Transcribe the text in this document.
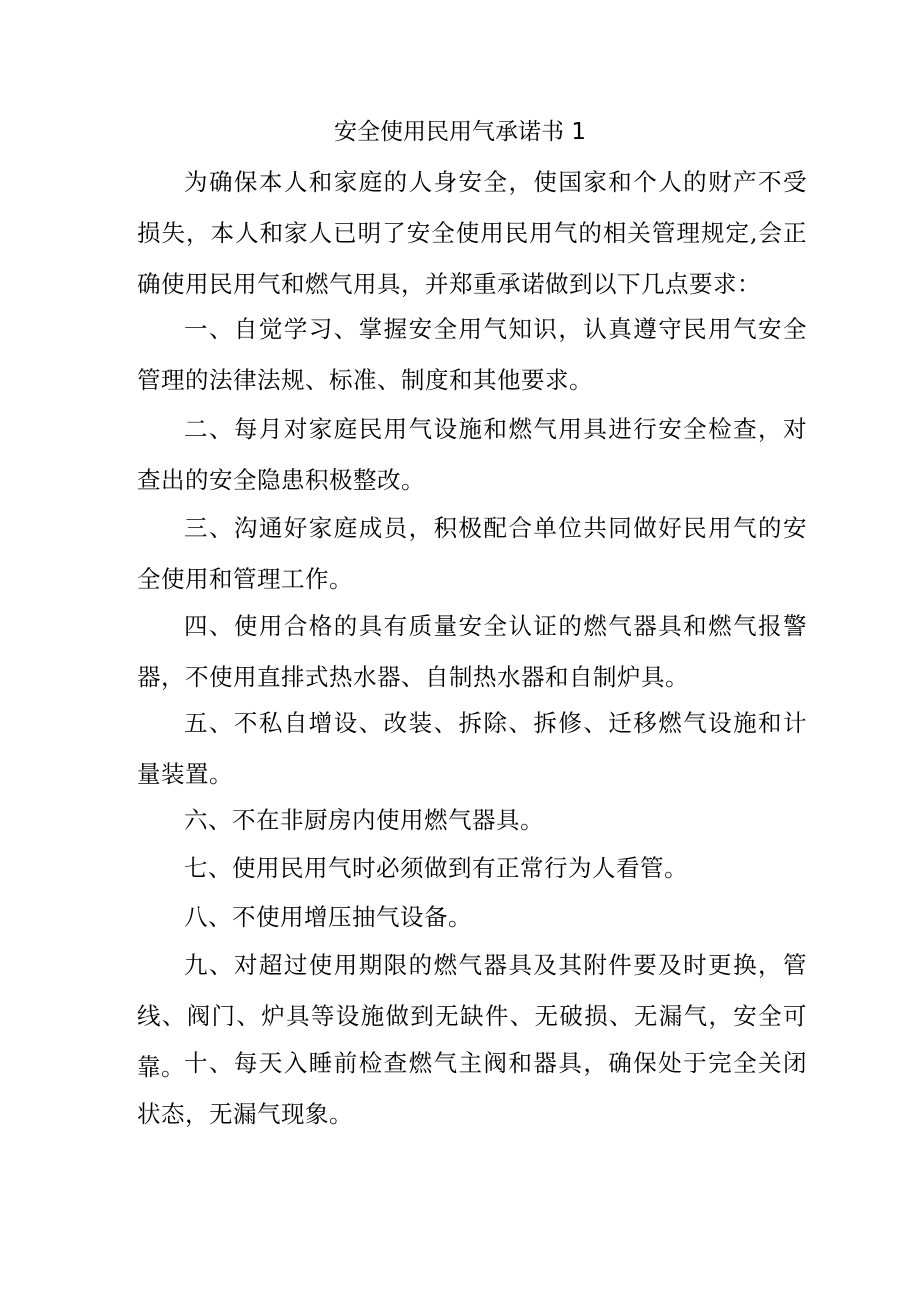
安全使用民用气承诺书 1

为确保本人和家庭的人身安全，使国家和个人的财产不受损失，本人和家人已明了安全使用民用气的相关管理规定,会正确使用民用气和燃气用具，并郑重承诺做到以下几点要求：

一、自觉学习、掌握安全用气知识，认真遵守民用气安全管理的法律法规、标准、制度和其他要求。

二、每月对家庭民用气设施和燃气用具进行安全检查，对查出的安全隐患积极整改。

三、沟通好家庭成员，积极配合单位共同做好民用气的安全使用和管理工作。

四、使用合格的具有质量安全认证的燃气器具和燃气报警器，不使用直排式热水器、自制热水器和自制炉具。

五、不私自增设、改装、拆除、拆修、迁移燃气设施和计量装置。

六、不在非厨房内使用燃气器具。

七、使用民用气时必须做到有正常行为人看管。

八、不使用增压抽气设备。

九、对超过使用期限的燃气器具及其附件要及时更换，管线、阀门、炉具等设施做到无缺件、无破损、无漏气，安全可靠。 十、每天入睡前检查燃气主阀和器具，确保处于完全关闭状态，无漏气现象。
